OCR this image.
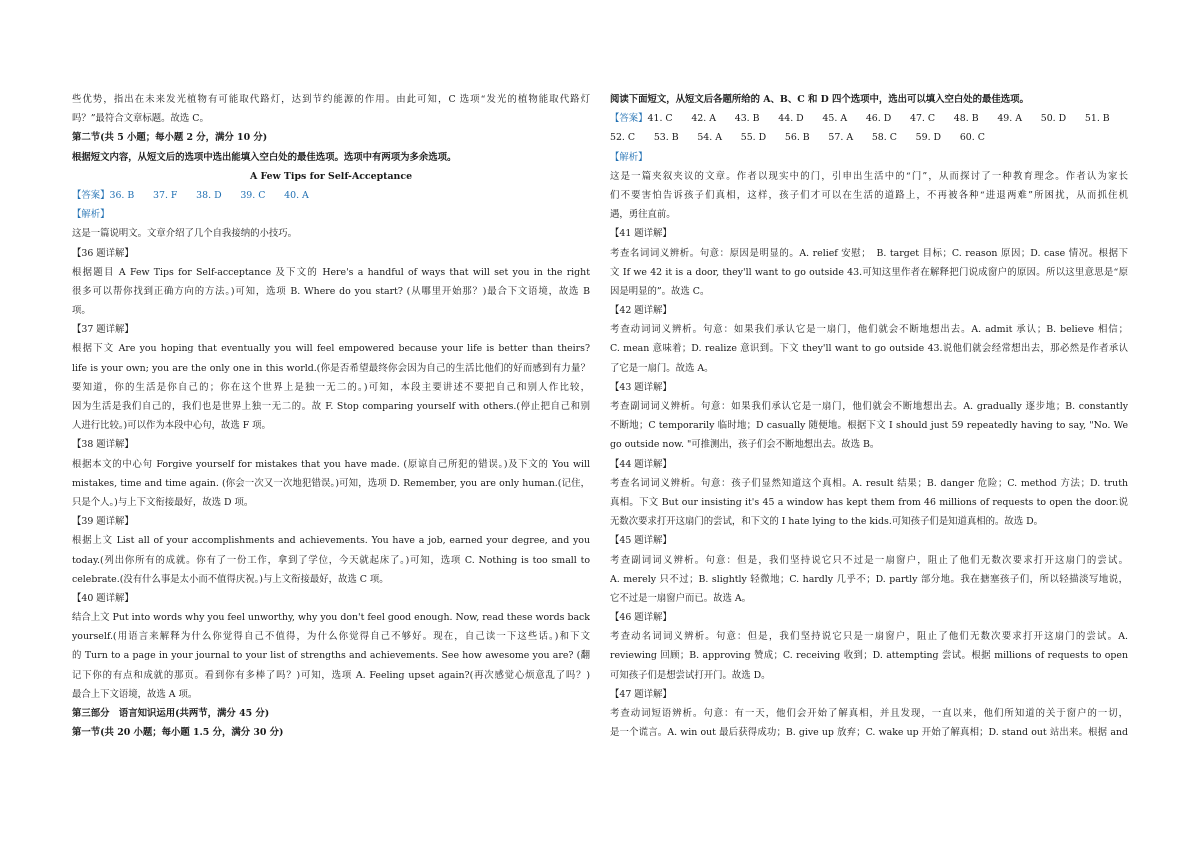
些优势，指出在未来发光植物有可能取代路灯，达到节约能源的作用。由此可知，C 选项“发光的植物能取代路灯
吗？”最符合文章标题。故选 C。
第二节(共 5 小题；每小题 2 分，满分 10 分)
根据短文内容，从短文后的选项中选出能填入空白处的最佳选项。选项中有两项为多余选项。
A Few Tips for Self-Acceptance
【答案】36. B　　37. F　　38. D　　39. C　　40. A
【解析】
这是一篇说明文。文章介绍了几个自我接纳的小技巧。
【36 题详解】
根据题目 A Few Tips for Self-acceptance 及下文的 Here's a handful of ways that will set you in the right
很多可以帮你找到正确方向的方法。)可知，选项 B. Where do you start? (从哪里开始那？)最合下文语境，故选 B
项。
【37 题详解】
根据下文 Are you hoping that eventually you will feel empowered because your life is better than theirs?
life is your own; you are the only one in this world.(你是否希望最终你会因为自己的生活比他们的好而感到有力量？
要知道，你的生活是你自己的；你在这个世界上是独一无二的。)可知，本段主要讲述不要把自己和别人作比较，
因为生活是我们自己的，我们也是世界上独一无二的。故 F. Stop comparing yourself with others.(停止把自己和别
人进行比较。)可以作为本段中心句，故选 F 项。
【38 题详解】
根据本文的中心句 Forgive yourself for mistakes that you have made. (原谅自己所犯的错误。)及下文的 You will
mistakes, time and time again. (你会一次又一次地犯错误。)可知，选项 D. Remember, you are only human.(记住，
只是个人。)与上下文衔接最好，故选 D 项。
【39 题详解】
根据上文 List all of your accomplishments and achievements. You have a job, earned your degree, and you
today.(列出你所有的成就。你有了一份工作，拿到了学位，今天就起床了。)可知，选项 C. Nothing is too small to
celebrate.(没有什么事是太小而不值得庆祝。)与上文衔接最好，故选 C 项。
【40 题详解】
结合上文 Put into words why you feel unworthy, why you don't feel good enough. Now, read these words back
yourself.(用语言来解释为什么你觉得自己不值得，为什么你觉得自己不够好。现在，自己读一下这些话。)和下文
的 Turn to a page in your journal to your list of strengths and achievements. See how awesome you are? (翻
记下你的有点和成就的那页。看到你有多棒了吗？)可知，选项 A. Feeling upset again?(再次感觉心烦意乱了吗？)
最合上下文语境，故选 A 项。
第三部分　语言知识运用(共两节，满分 45 分)
第一节(共 20 小题；每小题 1.5 分，满分 30 分)
阅读下面短文，从短文后各题所给的 A、B、C 和 D 四个选项中，选出可以填入空白处的最佳选项。
【答案】41. C　　42. A　　43. B　　44. D　　45. A　　46. D　　47. C　　48. B　　49. A　　50. D　　51. B
52. C　　53. B　　54. A　　55. D　　56. B　　57. A　　58. C　　59. D　　60. C
【解析】
这是一篇夹叙夹议的文章。作者以现实中的门，引申出生活中的“门”，从而探讨了一种教育理念。作者认为家长
们不要害怕告诉孩子们真相，这样，孩子们才可以在生活的道路上，不再被各种“进退两难”所困扰，从而抓住机
遇，勇往直前。
【41 题详解】
考查名词词义辨析。句意：原因是明显的。A. relief 安慰；　B. target 目标；C. reason 原因；D. case 情况。根据下
文 If we 42 it is a door, they'll want to go outside 43.可知这里作者在解释把门说成窗户的原因。所以这里意思是“原
因是明显的”。故选 C。
【42 题详解】
考查动词词义辨析。句意：如果我们承认它是一扇门，他们就会不断地想出去。A. admit 承认；B. believe 相信；
C. mean 意味着；D. realize 意识到。下文 they'll want to go outside 43.说他们就会经常想出去，那必然是作者承认
了它是一扇门。故选 A。
【43 题详解】
考查副词词义辨析。句意：如果我们承认它是一扇门，他们就会不断地想出去。A. gradually 逐步地；B. constantly
不断地；C temporarily 临时地；D casually 随便地。根据下文 I should just 59 repeatedly having to say, "No. We
go outside now. "可推测出，孩子们会不断地想出去。故选 B。
【44 题详解】
考查名词词义辨析。句意：孩子们显然知道这个真相。A. result 结果；B. danger 危险；C. method 方法；D. truth
真相。下文 But our insisting it's 45 a window has kept them from 46 millions of requests to open the door.说
无数次要求打开这扇门的尝试，和下文的 I hate lying to the kids.可知孩子们是知道真相的。故选 D。
【45 题详解】
考查副词词义辨析。句意：但是，我们坚持说它只不过是一扇窗户，阻止了他们无数次要求打开这扇门的尝试。
A. merely 只不过；B. slightly 轻微地；C. hardly 几乎不；D. partly 部分地。我在搪塞孩子们，所以轻描淡写地说，
它不过是一扇窗户而已。故选 A。
【46 题详解】
考查动名词词义辨析。句意：但是，我们坚持说它只是一扇窗户，阻止了他们无数次要求打开这扇门的尝试。A.
reviewing 回顾；B. approving 赞成；C. receiving 收到；D. attempting 尝试。根据 millions of requests to open
可知孩子们是想尝试打开门。故选 D。
【47 题详解】
考查动词短语辨析。句意：有一天，他们会开始了解真相，并且发现，一直以来，他们所知道的关于窗户的一切，
是一个谎言。A. win out 最后获得成功；B. give up 放弃；C. wake up 开始了解真相；D. stand out 站出来。根据 and
